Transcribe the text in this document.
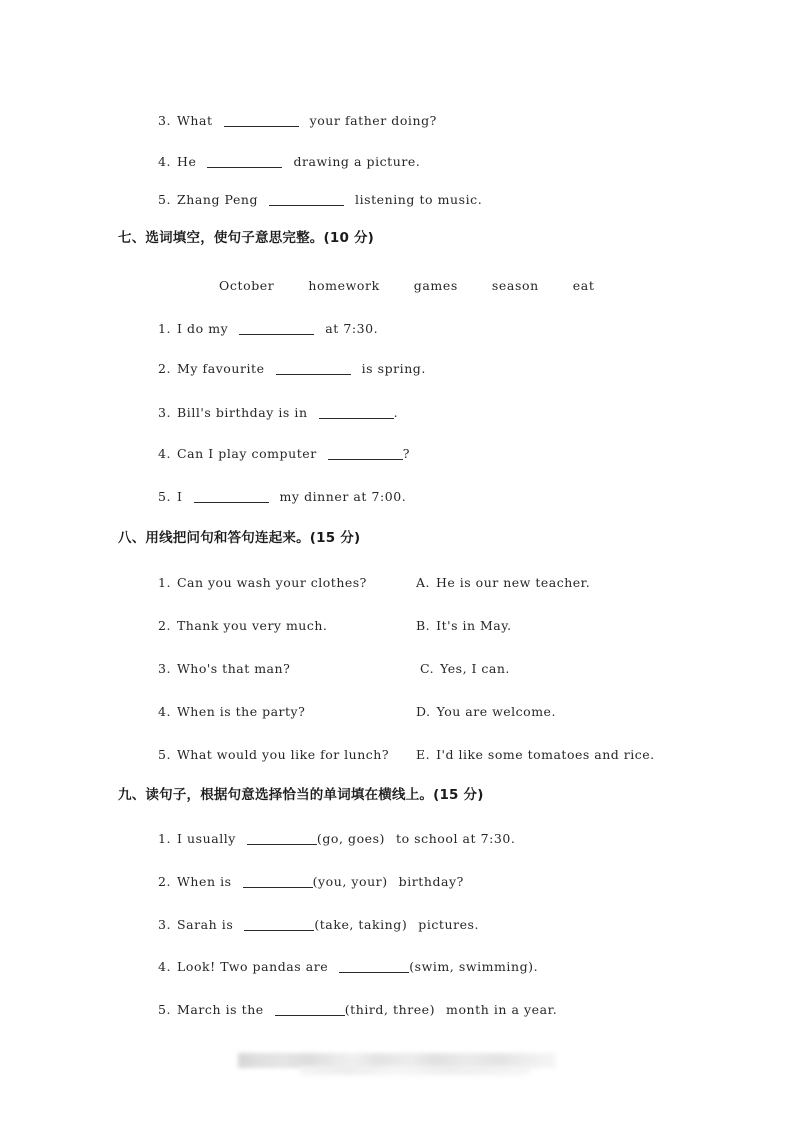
3. What	your father doing?
4. He	drawing a picture.
5. Zhang Peng	listening to music.
七、选词填空，使句子意思完整。(10 分)
October	homework	games	season	eat
1. I do my	at 7:30.
2. My favourite	is spring.
3. Bill's birthday is in	.
4. Can I play computer	?
5. I	my dinner at 7:00.
八、用线把问句和答句连起来。(15 分)
1. Can you wash your clothes?	A. He is our new teacher.
2. Thank you very much.	B. It's in May.
3. Who's that man?	C. Yes, I can.
4. When is the party?	D. You are welcome.
5. What would you like for lunch? E. I'd like some tomatoes and rice.
九、读句子，根据句意选择恰当的单词填在横线上。(15 分)
1. I usually	(go, goes) to school at 7:30.
2. When is	(you, your) birthday?
3. Sarah is	(take, taking) pictures.
4. Look! Two pandas are	(swim, swimming).
5. March is the	(third, three) month in a year.
